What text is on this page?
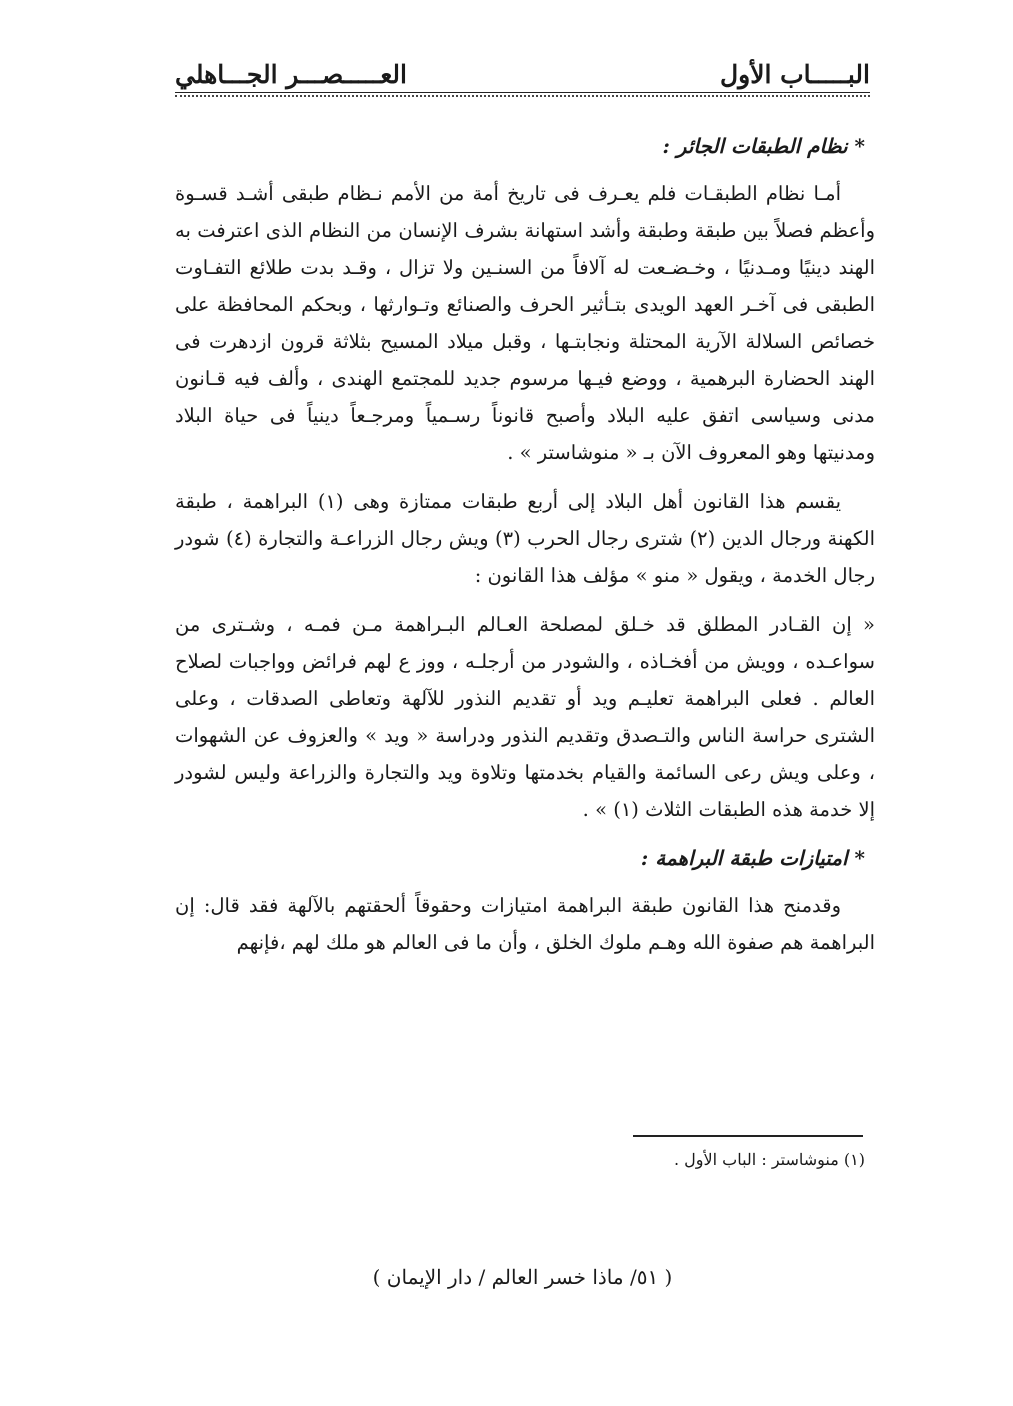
البـــــاب الأول
العـــــصـــر الجـــاهلي
* نظام الطبقات الجائر :

أمـا نظام الطبقـات فلم يعـرف فى تاريخ أمة من الأمم نـظام طبقى أشـد قسـوة وأعظم فصلاً بين طبقة وطبقة وأشد استهانة بشرف الإنسان من النظام الذى اعترفت به الهند دينيًا ومـدنيًا ، وخـضـعت له آلافاً من السنـين ولا تزال ، وقـد بدت طلائع التفـاوت الطبقى فى آخـر العهد الويدى بتـأثير الحرف والصنائع وتـوارثها ، وبحكم المحافظة على خصائص السلالة الآرية المحتلة ونجابتـها ، وقبل ميلاد المسيح بثلاثة قرون ازدهرت فى الهند الحضارة البرهمية ، ووضع فيـها مرسوم جديد للمجتمع الهندى ، وألف فيه قـانون مدنى وسياسى اتفق عليه البلاد وأصبح قانوناً رسـمياً ومرجـعاً دينياً فى حياة البلاد ومدنيتها وهو المعروف الآن بـ « منوشاستر » .

يقسم هذا القانون أهل البلاد إلى أربع طبقات ممتازة وهى (١) البراهمة ، طبقة الكهنة ورجال الدين (٢) شترى رجال الحرب (٣) ويش رجال الزراعـة والتجارة (٤) شودر رجال الخدمة ، ويقول « منو » مؤلف هذا القانون :

« إن القـادر المطلق قد خـلق لمصلحة العـالم البـراهمة مـن فمـه ، وشـترى من سواعـده ، وويش من أفخـاذه ، والشودر من أرجلـه ، ووز ع لهم فرائض وواجبات لصلاح العالم . فعلى البراهمة تعليـم ويد أو تقديم النذور للآلهة وتعاطى الصدقات ، وعلى الشترى حراسة الناس والتـصدق وتقديم النذور ودراسة « ويد » والعزوف عن الشهوات ، وعلى ويش رعى السائمة والقيام بخدمتها وتلاوة ويد والتجارة والزراعة وليس لشودر إلا خدمة هذه الطبقات الثلاث (١) » .

* امتيازات طبقة البراهمة :

وقدمنح هذا القانون طبقة البراهمة امتيازات وحقوقاً ألحقتهم بالآلهة فقد قال: إن البراهمة هم صفوة الله وهـم ملوك الخلق ، وأن ما فى العالم هو ملك لهم ،فإنهم

(١) منوشاستر : الباب الأول .
( ٥١/ ماذا خسر العالم / دار الإيمان )
